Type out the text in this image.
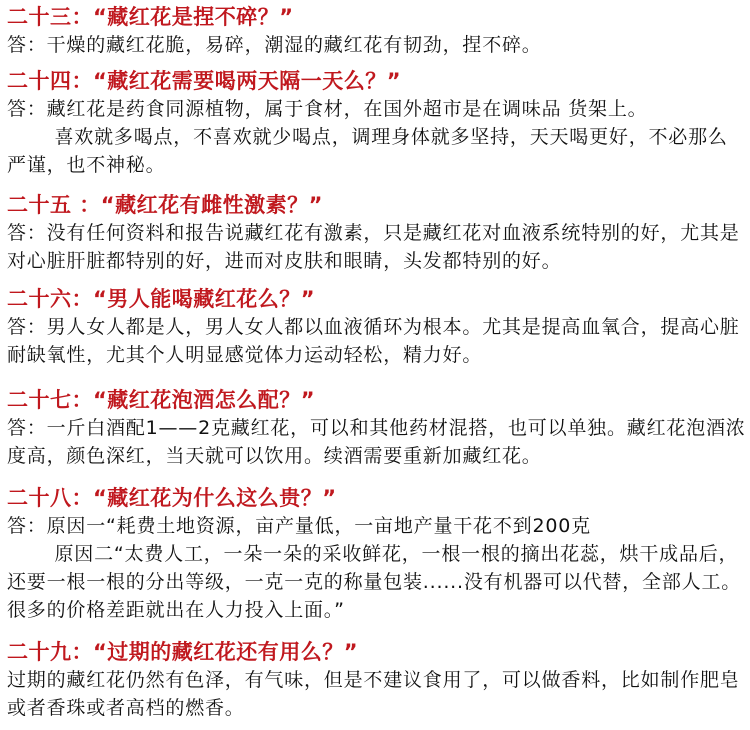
二十三：“藏红花是捏不碎？”

答：干燥的藏红花脆，易碎，潮湿的藏红花有韧劲，捏不碎。

二十四：“藏红花需要喝两天隔一天么？”

答：藏红花是药食同源植物，属于食材，在国外超市是在调味品 货架上。

喜欢就多喝点，不喜欢就少喝点，调理身体就多坚持，天天喝更好，不必那么严谨，也不神秘。

二十五 ：“藏红花有雌性激素？”

答：没有任何资料和报告说藏红花有激素，只是藏红花对血液系统特别的好，尤其是对心脏肝脏都特别的好，进而对皮肤和眼睛，头发都特别的好。

二十六：“男人能喝藏红花么？”

答：男人女人都是人，男人女人都以血液循环为根本。尤其是提高血氧合，提高心脏耐缺氧性，尤其个人明显感觉体力运动轻松，精力好。

二十七：“藏红花泡酒怎么配？”

答：一斤白酒配1——2克藏红花，可以和其他药材混搭，也可以单独。藏红花泡酒浓度高，颜色深红，当天就可以饮用。续酒需要重新加藏红花。

二十八：“藏红花为什么这么贵？”

答：原因一“耗费土地资源，亩产量低，一亩地产量干花不到200克

原因二“太费人工，一朵一朵的采收鲜花，一根一根的摘出花蕊，烘干成品后，还要一根一根的分出等级，一克一克的称量包装......没有机器可以代替，全部人工。很多的价格差距就出在人力投入上面。”

二十九：“过期的藏红花还有用么？”

过期的藏红花仍然有色泽，有气味，但是不建议食用了，可以做香料，比如制作肥皂或者香珠或者高档的燃香。
